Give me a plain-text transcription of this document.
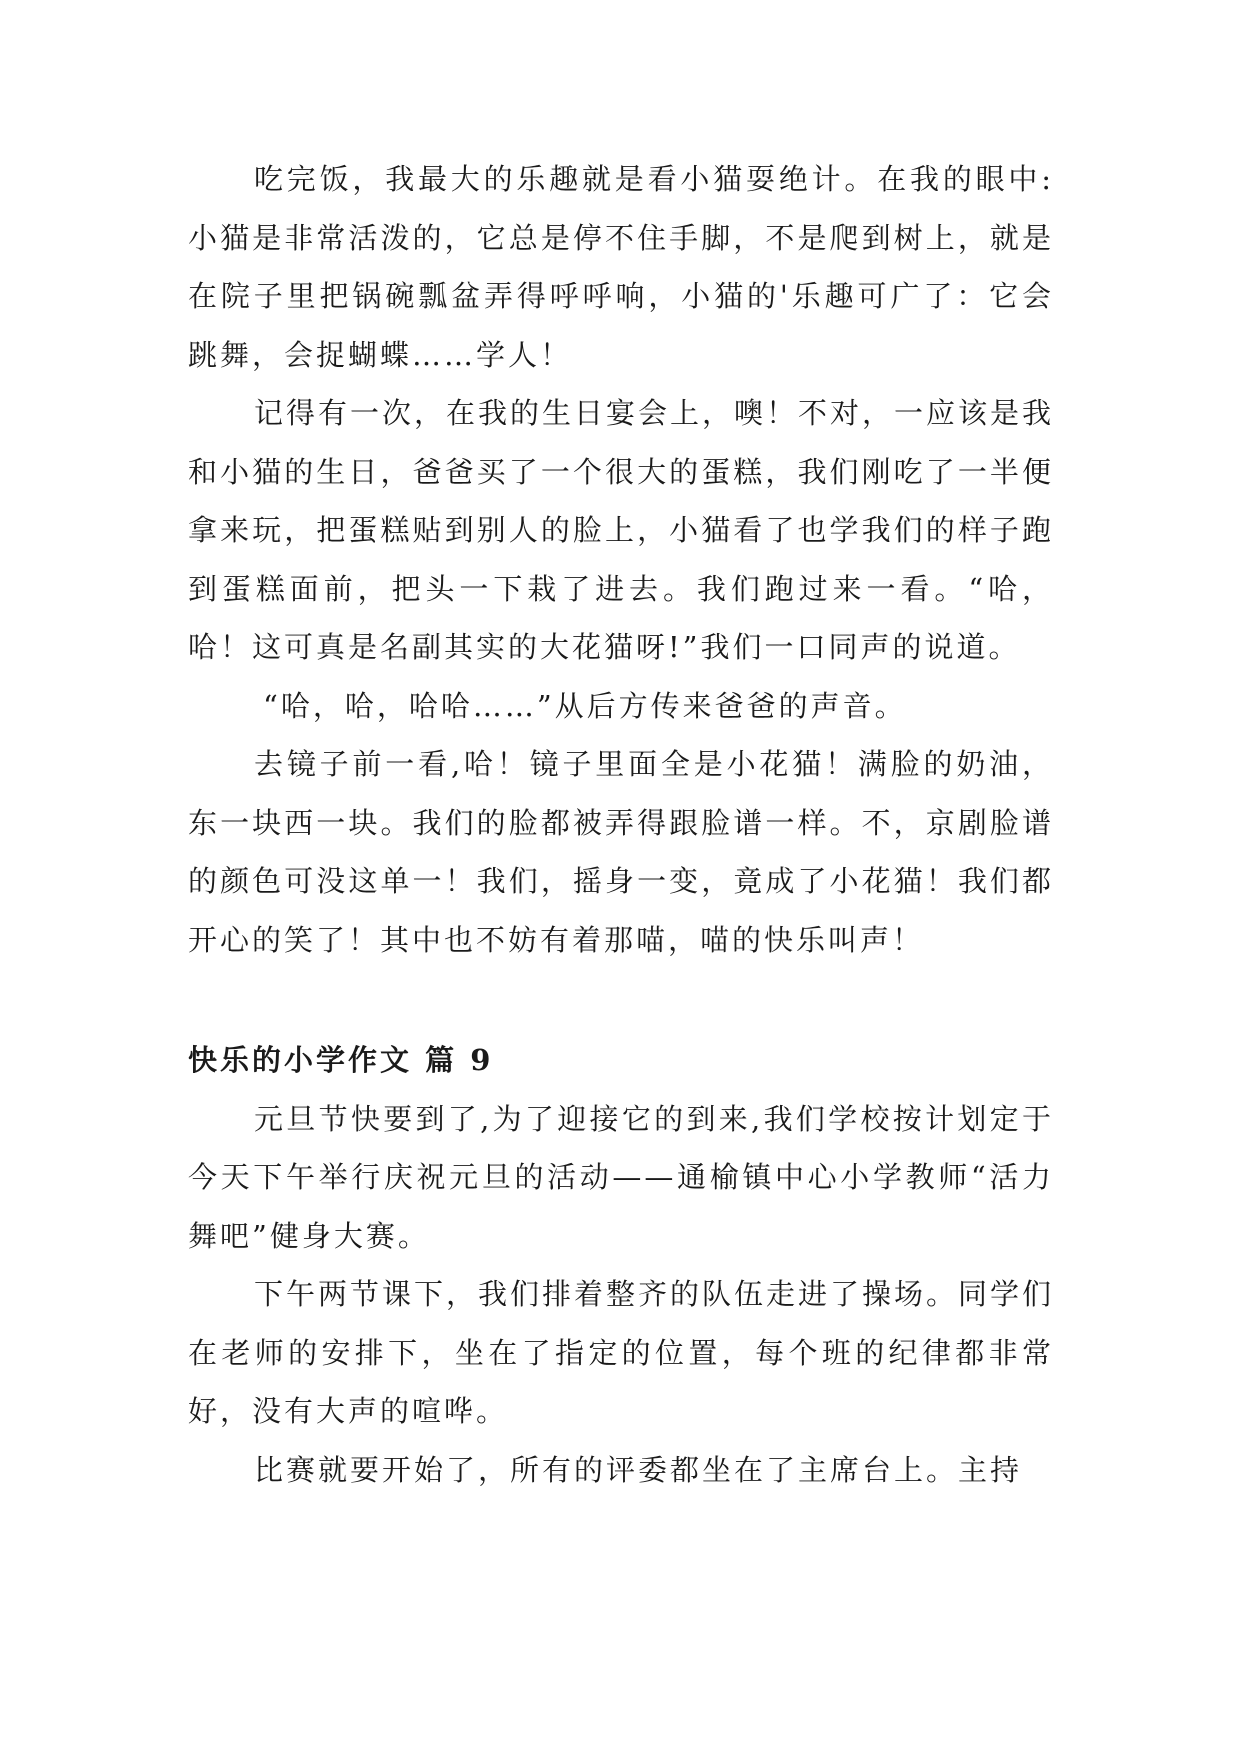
吃完饭，我最大的乐趣就是看小猫耍绝计。在我的眼中:小猫是非常活泼的，它总是停不住手脚，不是爬到树上，就是在院子里把锅碗瓢盆弄得呼呼响，小猫的'乐趣可广了：它会跳舞，会捉蝴蝶……学人！

记得有一次，在我的生日宴会上，噢！不对，一应该是我和小猫的生日，爸爸买了一个很大的蛋糕，我们刚吃了一半便拿来玩，把蛋糕贴到别人的脸上，小猫看了也学我们的样子跑到蛋糕面前，把头一下栽了进去。我们跑过来一看。“哈，哈！这可真是名副其实的大花猫呀!”我们一口同声的说道。

“哈，哈，哈哈……”从后方传来爸爸的声音。

去镜子前一看,哈！镜子里面全是小花猫！满脸的奶油，东一块西一块。我们的脸都被弄得跟脸谱一样。不，京剧脸谱的颜色可没这单一！我们，摇身一变，竟成了小花猫！我们都开心的笑了！其中也不妨有着那喵，喵的快乐叫声！

快乐的小学作文 篇 9

元旦节快要到了,为了迎接它的到来,我们学校按计划定于今天下午举行庆祝元旦的活动——通榆镇中心小学教师“活力舞吧”健身大赛。

下午两节课下，我们排着整齐的队伍走进了操场。同学们在老师的安排下，坐在了指定的位置，每个班的纪律都非常好，没有大声的喧哗。

比赛就要开始了，所有的评委都坐在了主席台上。主持
